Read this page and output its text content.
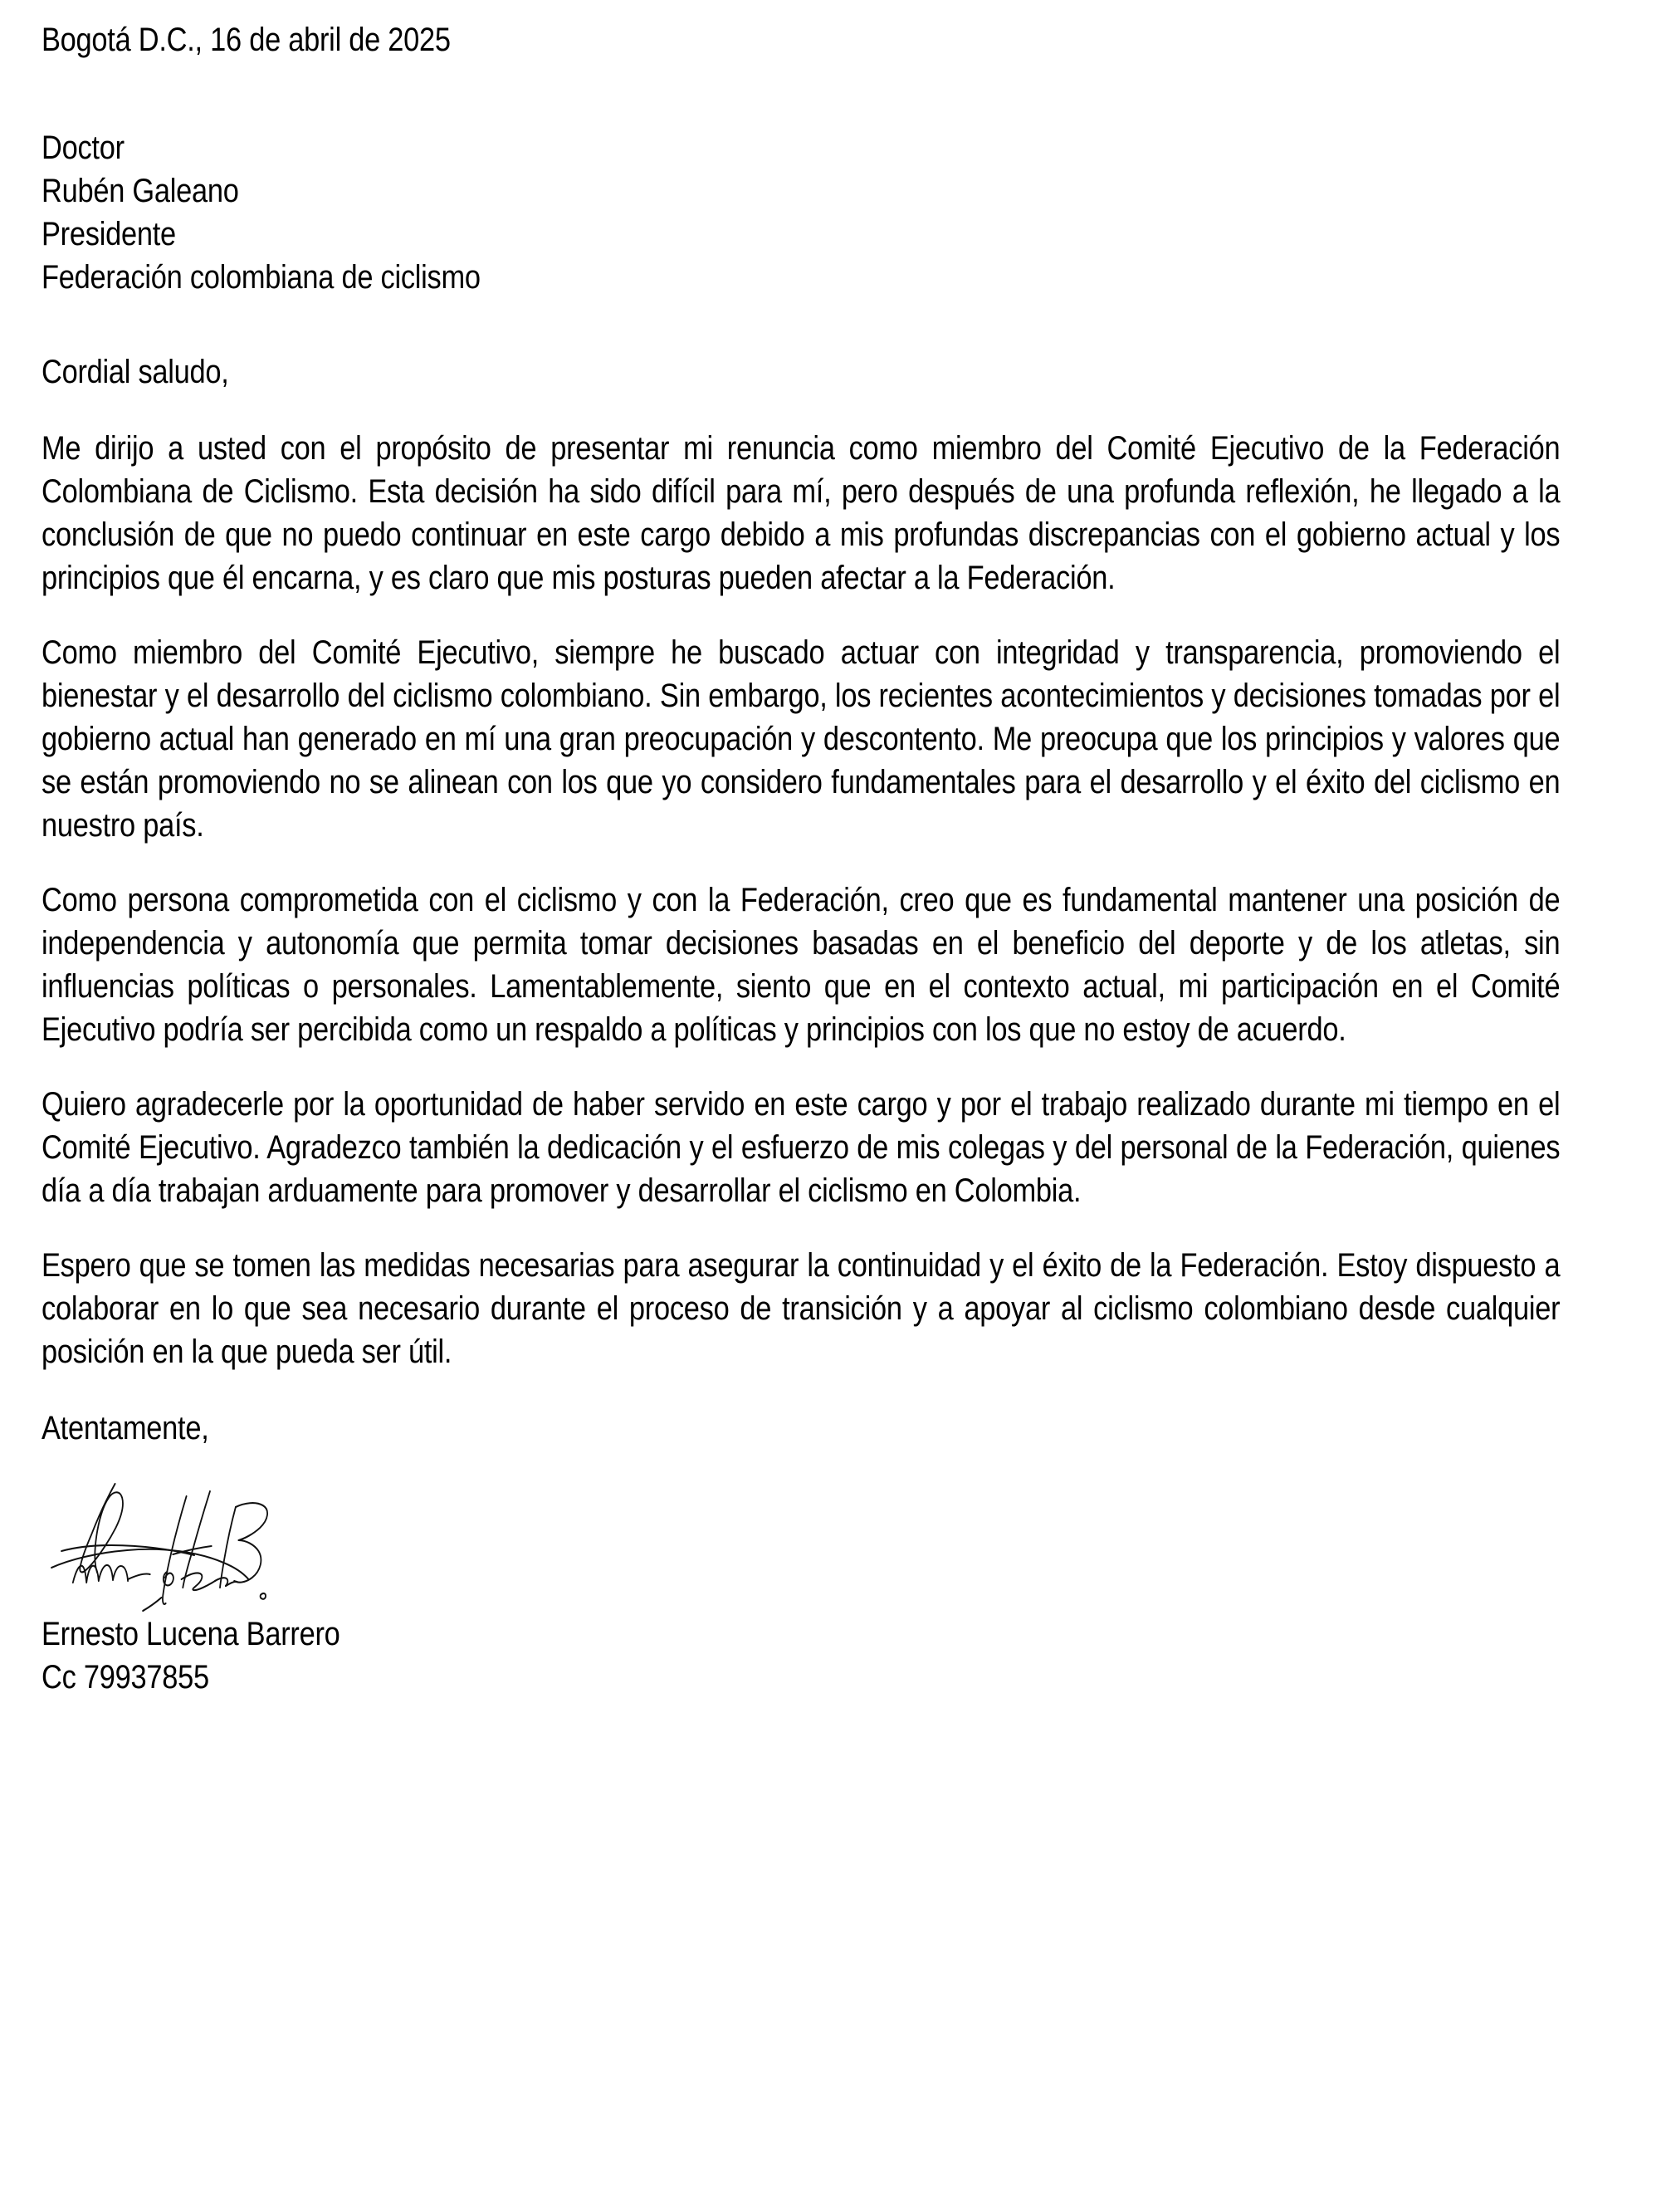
Bogotá D.C., 16 de abril de 2025
Doctor
Rubén Galeano
Presidente
Federación colombiana de ciclismo
Cordial saludo,

Me dirijo a usted con el propósito de presentar mi renuncia como miembro del Comité Ejecutivo de la Federación Colombiana de Ciclismo. Esta decisión ha sido difícil para mí, pero después de una profunda reflexión, he llegado a la conclusión de que no puedo continuar en este cargo debido a mis profundas discrepancias con el gobierno actual y los principios que él encarna, y es claro que mis posturas pueden afectar a la Federación.

Como miembro del Comité Ejecutivo, siempre he buscado actuar con integridad y transparencia, promoviendo el bienestar y el desarrollo del ciclismo colombiano. Sin embargo, los recientes acontecimientos y decisiones tomadas por el gobierno actual han generado en mí una gran preocupación y descontento. Me preocupa que los principios y valores que se están promoviendo no se alinean con los que yo considero fundamentales para el desarrollo y el éxito del ciclismo en nuestro país.

Como persona comprometida con el ciclismo y con la Federación, creo que es fundamental mantener una posición de independencia y autonomía que permita tomar decisiones basadas en el beneficio del deporte y de los atletas, sin influencias políticas o personales. Lamentablemente, siento que en el contexto actual, mi participación en el Comité Ejecutivo podría ser percibida como un respaldo a políticas y principios con los que no estoy de acuerdo.

Quiero agradecerle por la oportunidad de haber servido en este cargo y por el trabajo realizado durante mi tiempo en el Comité Ejecutivo. Agradezco también la dedicación y el esfuerzo de mis colegas y del personal de la Federación, quienes día a día trabajan arduamente para promover y desarrollar el ciclismo en Colombia.

Espero que se tomen las medidas necesarias para asegurar la continuidad y el éxito de la Federación. Estoy dispuesto a colaborar en lo que sea necesario durante el proceso de transición y a apoyar al ciclismo colombiano desde cualquier posición en la que pueda ser útil.

Atentamente,
Ernesto Lucena Barrero
Cc 79937855
